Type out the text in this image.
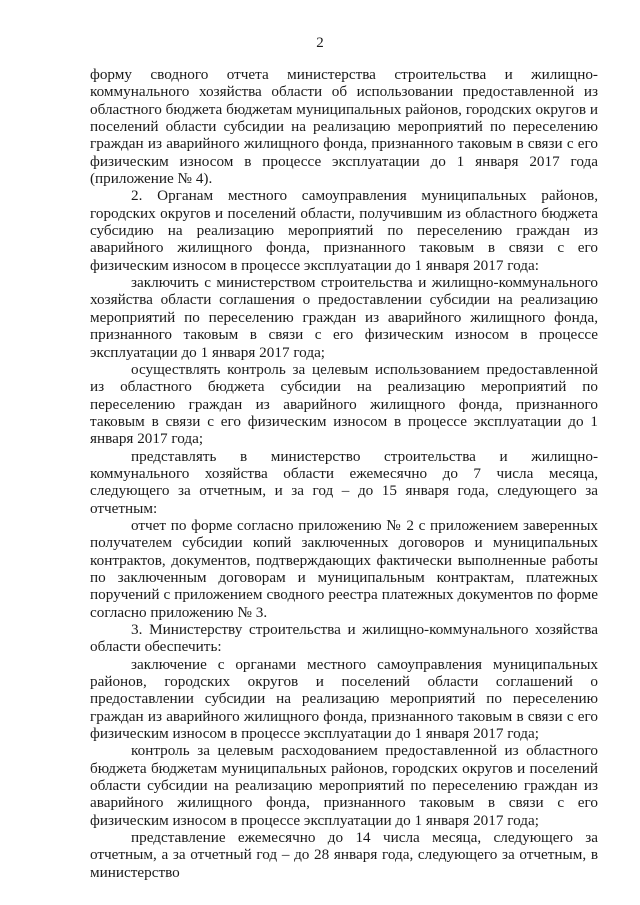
2

форму сводного отчета министерства строительства и жилищно-коммунального хозяйства области об использовании предоставленной из областного бюджета бюджетам муниципальных районов, городских округов и поселений области субсидии на реализацию мероприятий по переселению граждан из аварийного жилищного фонда, признанного таковым в связи с его физическим износом в процессе эксплуатации до 1 января 2017 года (приложение № 4).

2. Органам местного самоуправления муниципальных районов, городских округов и поселений области, получившим из областного бюджета субсидию на реализацию мероприятий по переселению граждан из аварийного жилищного фонда, признанного таковым в связи с его физическим износом в процессе эксплуатации до 1 января 2017 года:

заключить с министерством строительства и жилищно-коммунального хозяйства области соглашения о предоставлении субсидии на реализацию мероприятий по переселению граждан из аварийного жилищного фонда, признанного таковым в связи с его физическим износом в процессе эксплуатации до 1 января 2017 года;

осуществлять контроль за целевым использованием предоставленной из областного бюджета субсидии на реализацию мероприятий по переселению граждан из аварийного жилищного фонда, признанного таковым в связи с его физическим износом в процессе эксплуатации до 1 января 2017 года;

представлять в министерство строительства и жилищно-коммунального хозяйства области ежемесячно до 7 числа месяца, следующего за отчетным, и за год – до 15 января года, следующего за отчетным:

отчет по форме согласно приложению № 2 с приложением заверенных получателем субсидии копий заключенных договоров и муниципальных контрактов, документов, подтверждающих фактически выполненные работы по заключенным договорам и муниципальным контрактам, платежных поручений с приложением сводного реестра платежных документов по форме согласно приложению № 3.

3. Министерству строительства и жилищно-коммунального хозяйства области обеспечить:

заключение с органами местного самоуправления муниципальных районов, городских округов и поселений области соглашений о предоставлении субсидии на реализацию мероприятий по переселению граждан из аварийного жилищного фонда, признанного таковым в связи с его физическим износом в процессе эксплуатации до 1 января 2017 года;

контроль за целевым расходованием предоставленной из областного бюджета бюджетам муниципальных районов, городских округов и поселений области субсидии на реализацию мероприятий по переселению граждан из аварийного жилищного фонда, признанного таковым в связи с его физическим износом в процессе эксплуатации до 1 января 2017 года;

представление ежемесячно до 14 числа месяца, следующего за отчетным, а за отчетный год – до 28 января года, следующего за отчетным, в министерство
